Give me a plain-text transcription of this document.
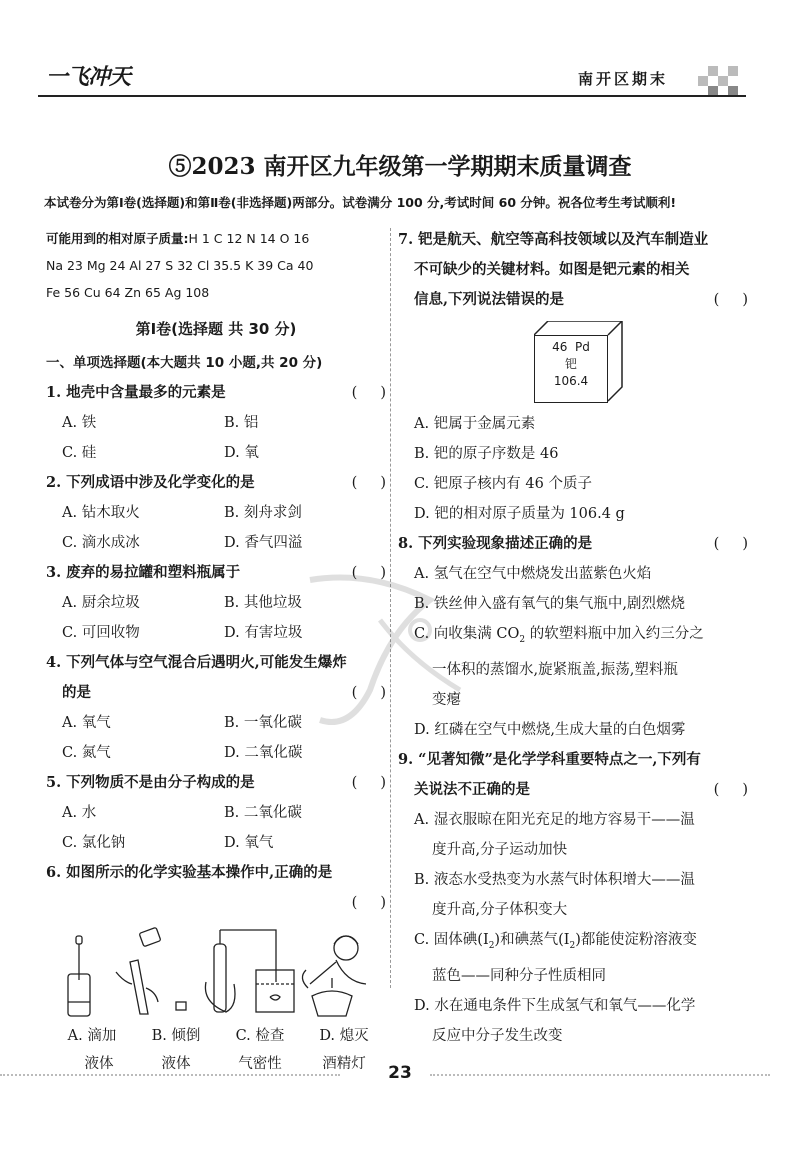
一飞冲天	南开区期末
⑤2023 南开区九年级第一学期期末质量调查
本试卷分为第Ⅰ卷(选择题)和第Ⅱ卷(非选择题)两部分。试卷满分 100 分,考试时间 60 分钟。祝各位考生考试顺利!
可能用到的相对原子质量:H 1 C 12 N 14 O 16
Na 23 Mg 24 Al 27 S 32 Cl 35.5 K 39 Ca 40
Fe 56 Cu 64 Zn 65 Ag 108
第Ⅰ卷(选择题 共 30 分)
一、单项选择题(本大题共 10 小题,共 20 分)
1. 地壳中含量最多的元素是	(     )
A. 铁	B. 铝
C. 硅	D. 氧
2. 下列成语中涉及化学变化的是	(     )
A. 钻木取火	B. 刻舟求剑
C. 滴水成冰	D. 香气四溢
3. 废弃的易拉罐和塑料瓶属于	(     )
A. 厨余垃圾	B. 其他垃圾
C. 可回收物	D. 有害垃圾
4. 下列气体与空气混合后遇明火,可能发生爆炸
的是	(     )
A. 氧气	B. 一氧化碳
C. 氮气	D. 二氧化碳
5. 下列物质不是由分子构成的是	(     )
A. 水	B. 二氧化碳
C. 氯化钠	D. 氧气
6. 如图所示的化学实验基本操作中,正确的是
(     )
A. 滴加	B. 倾倒	C. 检查	D. 熄灭
液体	液体	气密性	酒精灯
7. 钯是航天、航空等高科技领域以及汽车制造业
不可缺少的关键材料。如图是钯元素的相关
信息,下列说法错误的是	(     )
46 Pd
钯
106.4
A. 钯属于金属元素
B. 钯的原子序数是 46
C. 钯原子核内有 46 个质子
D. 钯的相对原子质量为 106.4 g
8. 下列实验现象描述正确的是	(     )
A. 氢气在空气中燃烧发出蓝紫色火焰
B. 铁丝伸入盛有氧气的集气瓶中,剧烈燃烧
C. 向收集满 $CO_2$ 的软塑料瓶中加入约三分之
一体积的蒸馏水,旋紧瓶盖,振荡,塑料瓶
变瘪
D. 红磷在空气中燃烧,生成大量的白色烟雾
9. “见著知微”是化学学科重要特点之一,下列有
关说法不正确的是	(     )
A. 湿衣服晾在阳光充足的地方容易干——温
度升高,分子运动加快
B. 液态水受热变为水蒸气时体积增大——温
度升高,分子体积变大
C. 固体碘$(I_2)$和碘蒸气$(I_2)$都能使淀粉溶液变
蓝色——同种分子性质相同
D. 水在通电条件下生成氢气和氧气——化学
反应中分子发生改变
23
